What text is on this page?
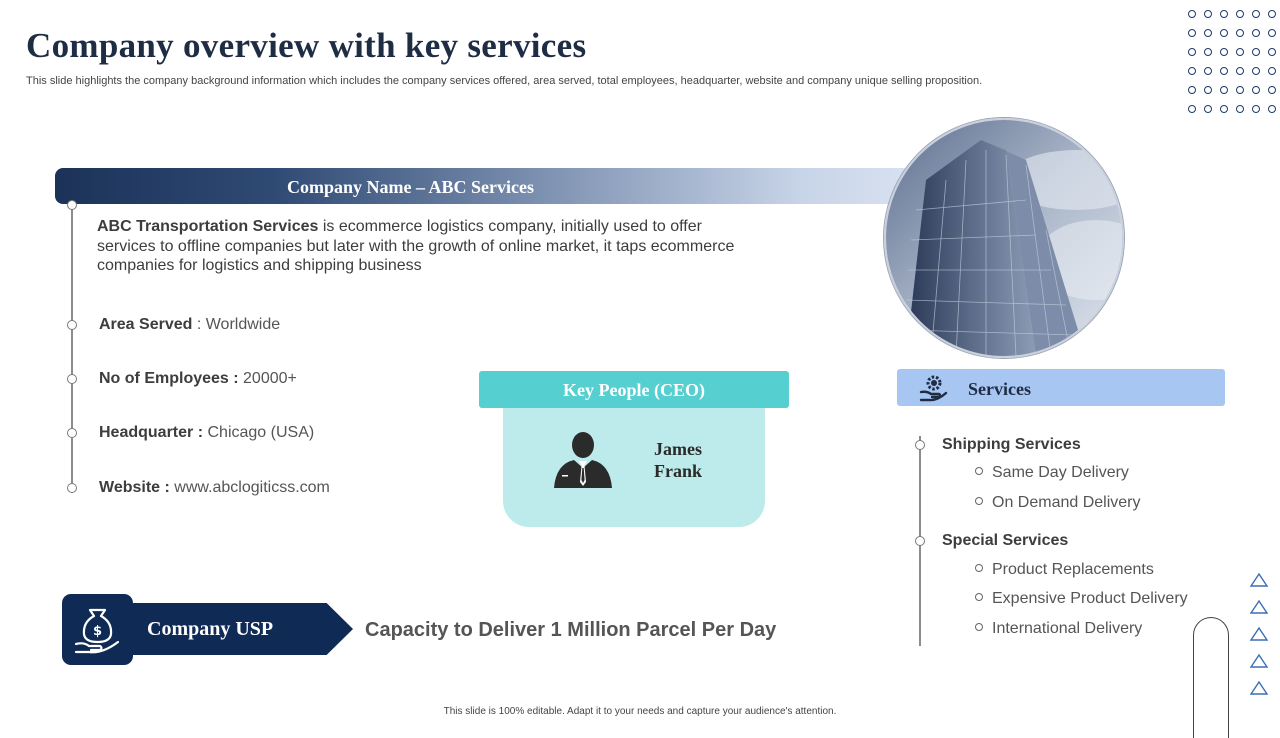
Company overview with key services
This slide highlights the company background information which includes the company services offered, area served, total employees, headquarter, website and company unique selling proposition.
Company Name – ABC Services
ABC Transportation Services is ecommerce logistics company, initially used to offer services to offline companies but later with the growth of online market, it taps ecommerce companies for logistics and shipping business
Area Served : Worldwide
No of Employees : 20000+
Headquarter : Chicago (USA)
Website : www.abclogiticss.com
Key People (CEO)
James
Frank
Services
Shipping Services
Same Day Delivery
On Demand Delivery
Special Services
Product Replacements
Expensive Product Delivery
International Delivery
$ Company USP	Capacity to Deliver 1 Million Parcel Per Day
This slide is 100% editable. Adapt it to your needs and capture your audience's attention.
